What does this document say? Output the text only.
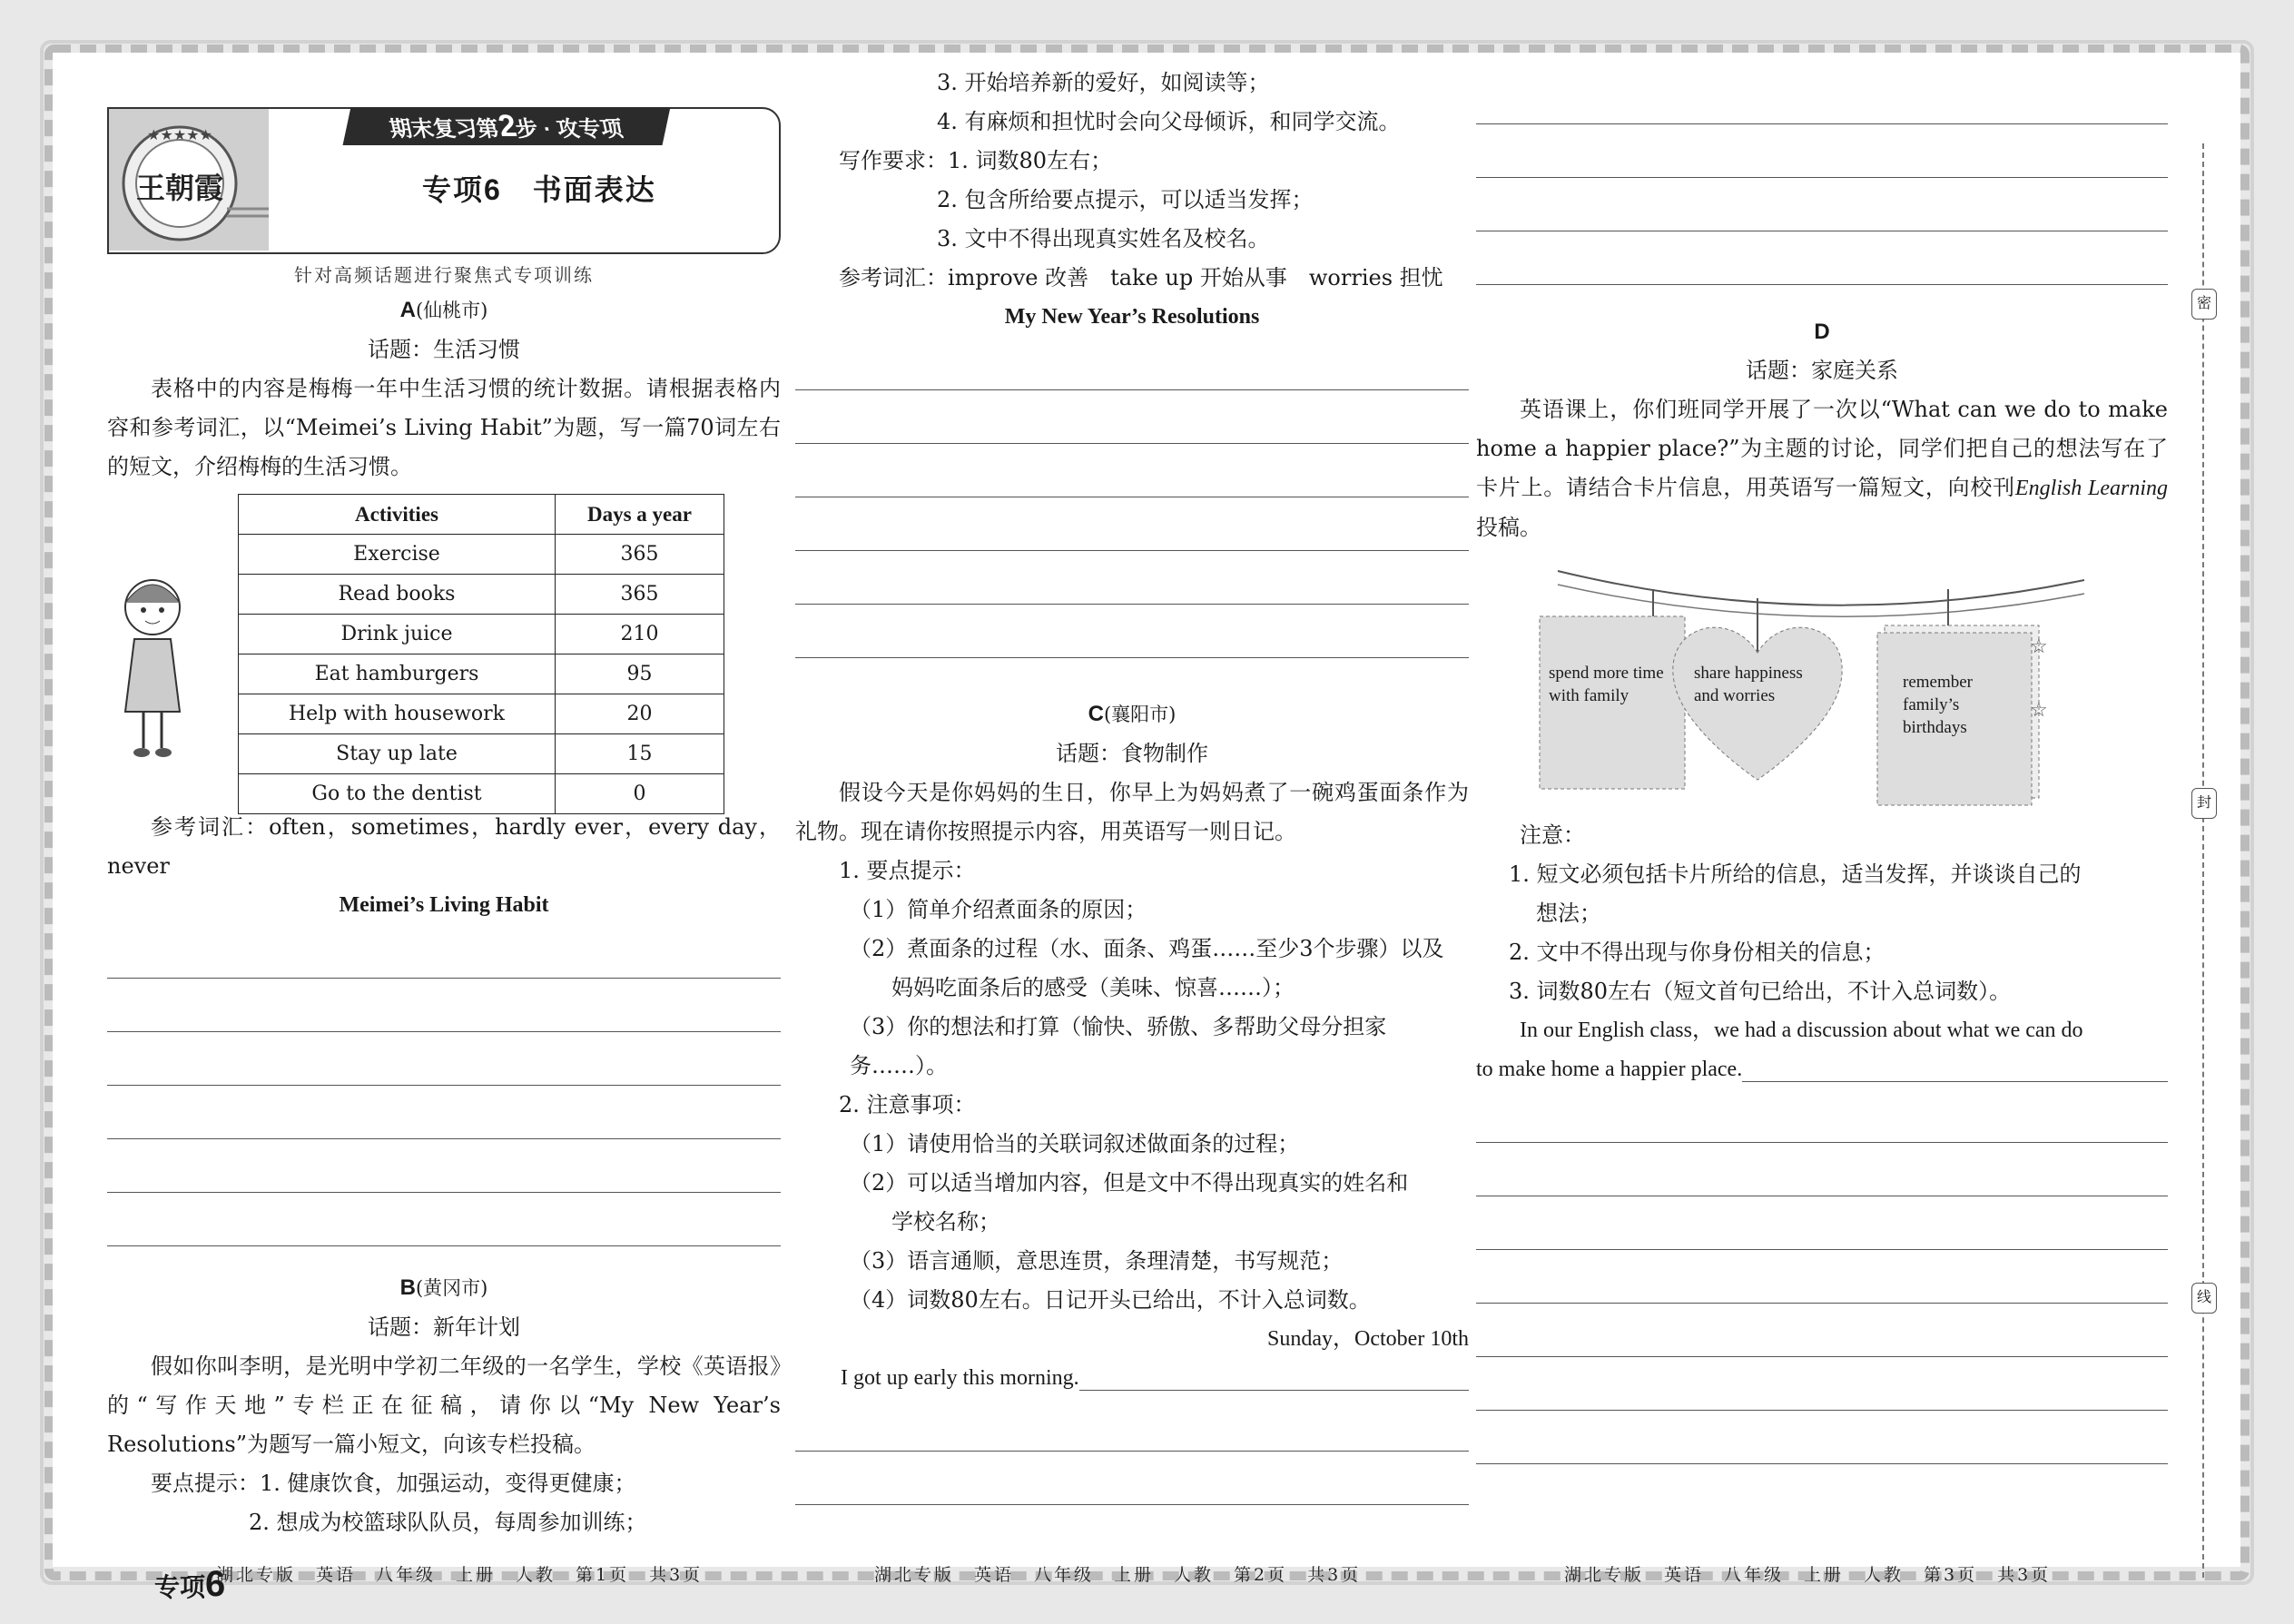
★★★★★
王朝霞
期末复习第2步 · 攻专项
专项6　书面表达
针对高频话题进行聚焦式专项训练

A(仙桃市)

话题：生活习惯

表格中的内容是梅梅一年中生活习惯的统计数据。请根据表格内容和参考词汇，以“Meimei’s Living Habit”为题，写一篇70词左右的短文，介绍梅梅的生活习惯。

Activities	Days a year
Exercise	365
Read books	365
Drink juice	210
Eat hamburgers	95
Help with housework	20
Stay up late	15
Go to the dentist	0

参考词汇：often，sometimes，hardly ever，every day，never

Meimei’s Living Habit

B(黄冈市)

话题：新年计划

假如你叫李明，是光明中学初二年级的一名学生，学校《英语报》的“写作天地”专栏正在征稿，请你以“My New Year’s Resolutions”为题写一篇小短文，向该专栏投稿。

要点提示：1. 健康饮食，加强运动，变得更健康；

2. 想成为校篮球队队员，每周参加训练；

3. 开始培养新的爱好，如阅读等；

4. 有麻烦和担忧时会向父母倾诉，和同学交流。

写作要求：1. 词数80左右；

2. 包含所给要点提示，可以适当发挥；

3. 文中不得出现真实姓名及校名。

参考词汇：improve 改善　take up 开始从事　worries 担忧

My New Year’s Resolutions

C(襄阳市)

话题：食物制作

假设今天是你妈妈的生日，你早上为妈妈煮了一碗鸡蛋面条作为礼物。现在请你按照提示内容，用英语写一则日记。

1. 要点提示：

（1）简单介绍煮面条的原因；

（2）煮面条的过程（水、面条、鸡蛋……至少3个步骤）以及

妈妈吃面条后的感受（美味、惊喜……）；

（3）你的想法和打算（愉快、骄傲、多帮助父母分担家务……）。

2. 注意事项：

（1）请使用恰当的关联词叙述做面条的过程；

（2）可以适当增加内容，但是文中不得出现真实的姓名和

学校名称；

（3）语言通顺，意思连贯，条理清楚，书写规范；

（4）词数80左右。日记开头已给出，不计入总词数。

Sunday，October 10th

I got up early this morning.

D

话题：家庭关系

英语课上，你们班同学开展了一次以“What can we do to make home a happier place?”为主题的讨论，同学们把自己的想法写在了卡片上。请结合卡片信息，用英语写一篇短文，向校刊English Learning投稿。

☆
☆
spend more time with family
share happiness and worries
remember family’s birthdays

注意：

1. 短文必须包括卡片所给的信息，适当发挥，并谈谈自己的

想法；

2. 文中不得出现与你身份相关的信息；

3. 词数80左右（短文首句已给出，不计入总词数）。

In our English class，we had a discussion about what we can do

to make home a happier place.
密
封
线
专项6
湖北专版　英语　八年级　上册　人教　第1页　共3页	湖北专版　英语　八年级　上册　人教　第2页　共3页	湖北专版　英语　八年级　上册　人教　第3页　共3页
